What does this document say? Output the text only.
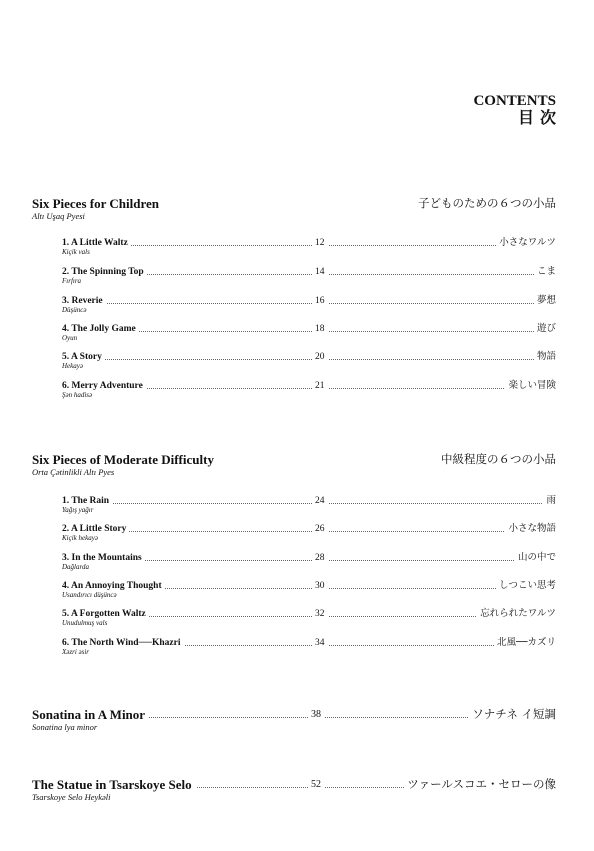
CONTENTS
目次
Six Pieces for Children
Altı Uşaq Pyesi
子どものための６つの小品
1. A Little Waltz
Kiçik vals
12	小さなワルツ
2. The Spinning Top
Fırfıra
14	こま
3. Reverie
Düşüncə
16	夢想
4. The Jolly Game
Oyun
18	遊び
5. A Story
Hekayə
20	物語
6. Merry Adventure
Şən hadisə
21	楽しい冒険
Six Pieces of Moderate Difficulty
Orta Çətinlikli Altı Pyes
中級程度の６つの小品
1. The Rain
Yağış yağır
24	雨
2. A Little Story
Kiçik hekayə
26	小さな物語
3. In the Mountains
Dağlarda
28	山の中で
4. An Annoying Thought
Usandırıcı düşüncə
30	しつこい思考
5. A Forgotten Waltz
Unudulmuş vals
32	忘れられたワルツ
6. The North Wind──Khazri
Xəzri əsir
34	北風──カズリ
Sonatina in A Minor
Sonatina lya minor
38	ソナチネ イ短調
The Statue in Tsarskoye Selo
Tsarskoye Selo Heykəli
52	ツァールスコエ・セローの像
